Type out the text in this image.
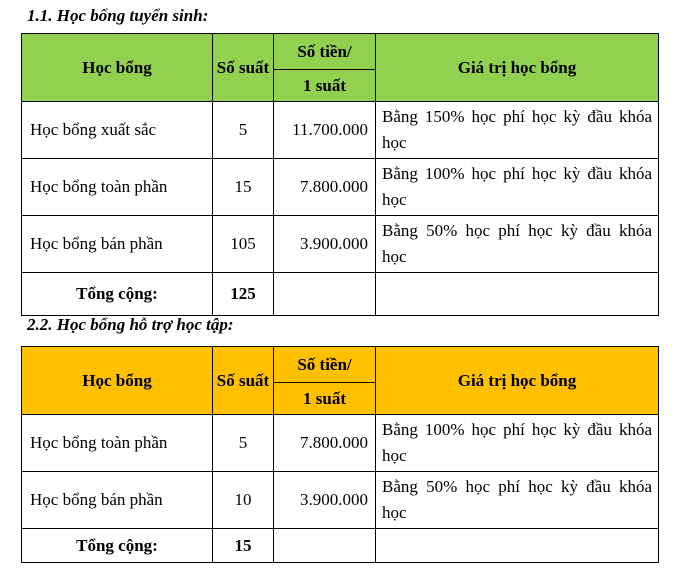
1.1. Học bổng tuyển sinh:
Học bổng	Số suất	Số tiền/	Giá trị học bổng
		1 suất	
Học bổng xuất sắc	5	11.700.000	Bằng 150% học phí học kỳ đầu khóa học
Học bổng toàn phần	15	7.800.000	Bằng 100% học phí học kỳ đầu khóa học
Học bổng bán phần	105	3.900.000	Bằng 50% học phí học kỳ đầu khóa học
Tổng cộng:	125		
2.2. Học bổng hỗ trợ học tập:
Học bổng	Số suất	Số tiền/	Giá trị học bổng
		1 suất	
Học bổng toàn phần	5	7.800.000	Bằng 100% học phí học kỳ đầu khóa học
Học bổng bán phần	10	3.900.000	Bằng 50% học phí học kỳ đầu khóa học
Tổng cộng:	15		
